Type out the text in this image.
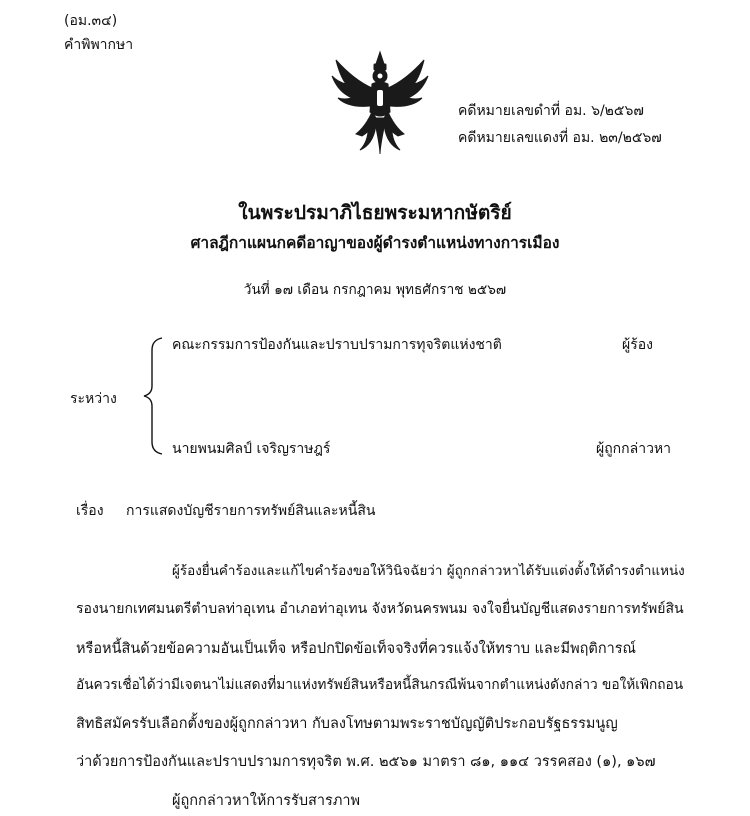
(อม.๓๔)
คำพิพากษา
คดีหมายเลขดำที่ อม. ๖/๒๕๖๗
คดีหมายเลขแดงที่ อม. ๒๓/๒๕๖๗
ในพระปรมาภิไธยพระมหากษัตริย์
ศาลฎีกาแผนกคดีอาญาของผู้ดำรงตำแหน่งทางการเมือง
วันที่ ๑๗ เดือน กรกฎาคม พุทธศักราช ๒๕๖๗
ระหว่าง
คณะกรรมการป้องกันและปราบปรามการทุจริตแห่งชาติ	ผู้ร้อง
นายพนมศิลป์ เจริญราษฎร์	ผู้ถูกกล่าวหา
เรื่อง การแสดงบัญชีรายการทรัพย์สินและหนี้สิน
ผู้ร้องยื่นคำร้องและแก้ไขคำร้องขอให้วินิจฉัยว่า ผู้ถูกกล่าวหาได้รับแต่งตั้งให้ดำรงตำแหน่ง
รองนายกเทศมนตรีตำบลท่าอุเทน อำเภอท่าอุเทน จังหวัดนครพนม จงใจยื่นบัญชีแสดงรายการทรัพย์สิน
หรือหนี้สินด้วยข้อความอันเป็นเท็จ หรือปกปิดข้อเท็จจริงที่ควรแจ้งให้ทราบ และมีพฤติการณ์
อันควรเชื่อได้ว่ามีเจตนาไม่แสดงที่มาแห่งทรัพย์สินหรือหนี้สินกรณีพ้นจากตำแหน่งดังกล่าว ขอให้เพิกถอน
สิทธิสมัครรับเลือกตั้งของผู้ถูกกล่าวหา กับลงโทษตามพระราชบัญญัติประกอบรัฐธรรมนูญ
ว่าด้วยการป้องกันและปราบปรามการทุจริต พ.ศ. ๒๕๖๑ มาตรา ๘๑, ๑๑๔ วรรคสอง (๑), ๑๖๗
ผู้ถูกกล่าวหาให้การรับสารภาพ
